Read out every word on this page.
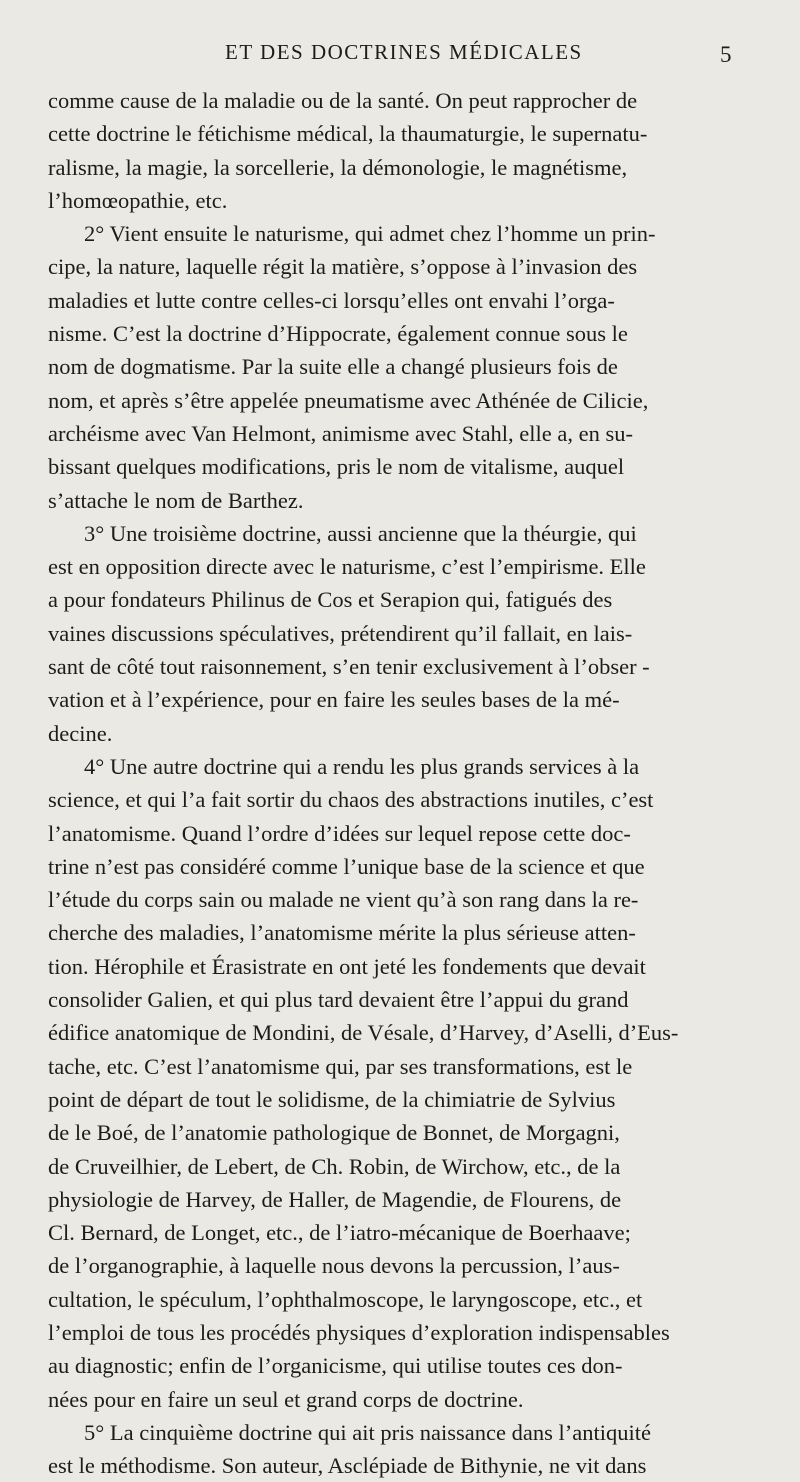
ET DES DOCTRINES MÉDICALES	5
comme cause de la maladie ou de la santé. On peut rapprocher de
cette doctrine le fétichisme médical, la thaumaturgie, le supernatu-
ralisme, la magie, la sorcellerie, la démonologie, le magnétisme,
l’homœopathie, etc.
2° Vient ensuite le naturisme, qui admet chez l’homme un prin-
cipe, la nature, laquelle régit la matière, s’oppose à l’invasion des
maladies et lutte contre celles-ci lorsqu’elles ont envahi l’orga-
nisme. C’est la doctrine d’Hippocrate, également connue sous le
nom de dogmatisme. Par la suite elle a changé plusieurs fois de
nom, et après s’être appelée pneumatisme avec Athénée de Cilicie,
archéisme avec Van Helmont, animisme avec Stahl, elle a, en su-
bissant quelques modifications, pris le nom de vitalisme, auquel
s’attache le nom de Barthez.
3° Une troisième doctrine, aussi ancienne que la théurgie, qui
est en opposition directe avec le naturisme, c’est l’empirisme. Elle
a pour fondateurs Philinus de Cos et Serapion qui, fatigués des
vaines discussions spéculatives, prétendirent qu’il fallait, en lais-
sant de côté tout raisonnement, s’en tenir exclusivement à l’obser -
vation et à l’expérience, pour en faire les seules bases de la mé-
decine.
4° Une autre doctrine qui a rendu les plus grands services à la
science, et qui l’a fait sortir du chaos des abstractions inutiles, c’est
l’anatomisme. Quand l’ordre d’idées sur lequel repose cette doc-
trine n’est pas considéré comme l’unique base de la science et que
l’étude du corps sain ou malade ne vient qu’à son rang dans la re-
cherche des maladies, l’anatomisme mérite la plus sérieuse atten-
tion. Hérophile et Érasistrate en ont jeté les fondements que devait
consolider Galien, et qui plus tard devaient être l’appui du grand
édifice anatomique de Mondini, de Vésale, d’Harvey, d’Aselli, d’Eus-
tache, etc. C’est l’anatomisme qui, par ses transformations, est le
point de départ de tout le solidisme, de la chimiatrie de Sylvius
de le Boé, de l’anatomie pathologique de Bonnet, de Morgagni,
de Cruveilhier, de Lebert, de Ch. Robin, de Wirchow, etc., de la
physiologie de Harvey, de Haller, de Magendie, de Flourens, de
Cl. Bernard, de Longet, etc., de l’iatro-mécanique de Boerhaave;
de l’organographie, à laquelle nous devons la percussion, l’aus-
cultation, le spéculum, l’ophthalmoscope, le laryngoscope, etc., et
l’emploi de tous les procédés physiques d’exploration indispensables
au diagnostic; enfin de l’organicisme, qui utilise toutes ces don-
nées pour en faire un seul et grand corps de doctrine.
5° La cinquième doctrine qui ait pris naissance dans l’antiquité
est le méthodisme. Son auteur, Asclépiade de Bithynie, ne vit dans
